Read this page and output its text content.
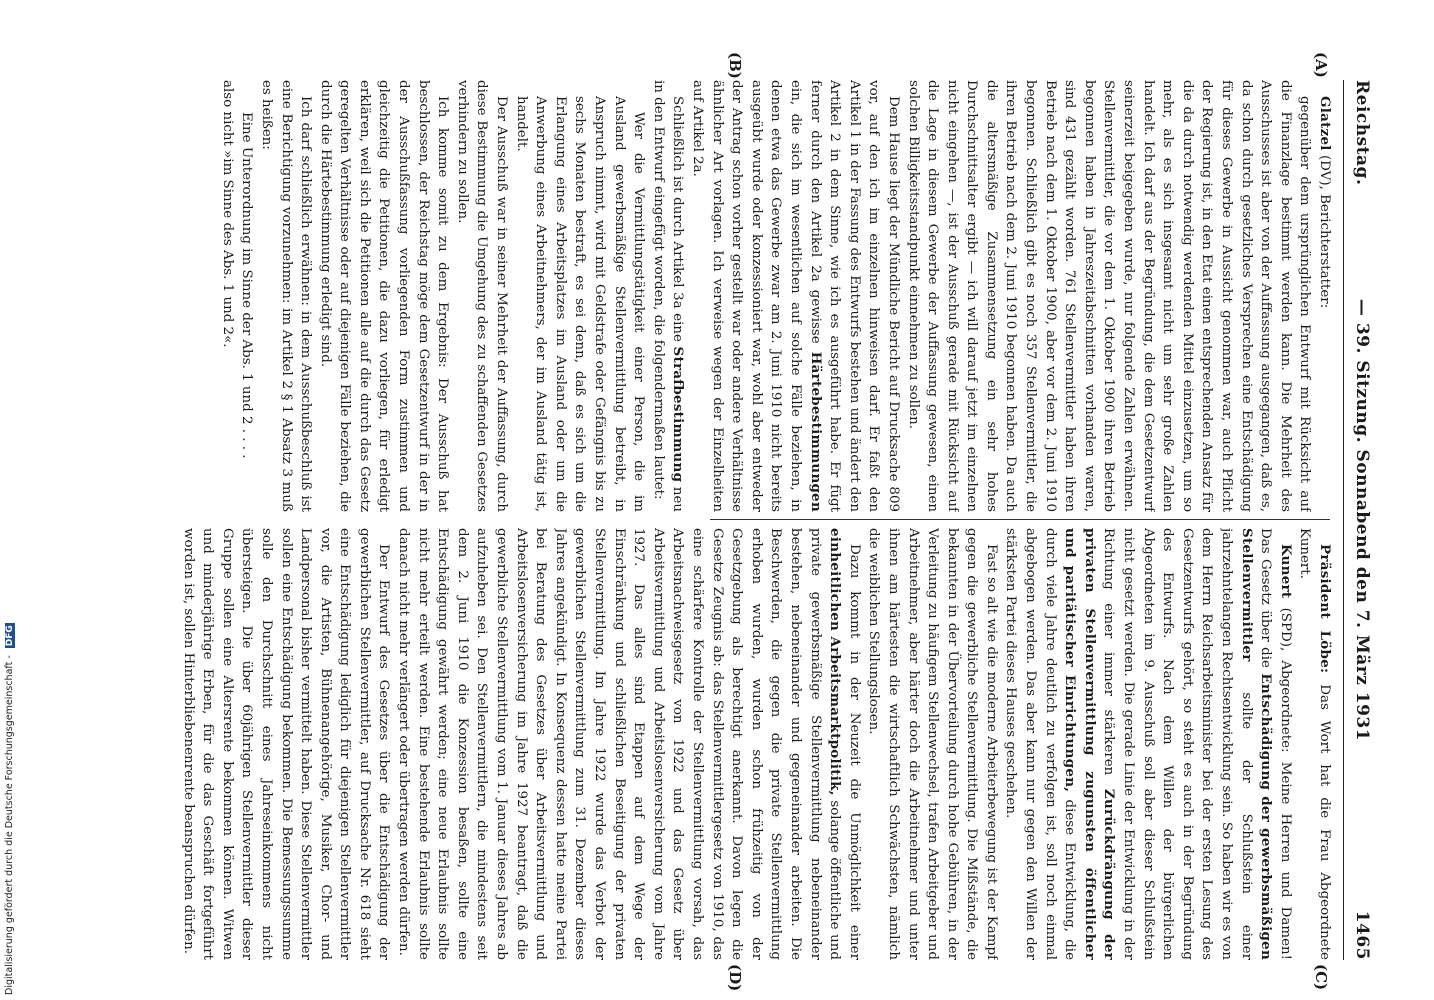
Reichstag.
— 39. Sitzung. Sonnabend den 7. März 1931
1465
(A)
(B)
(C)
(D)

Glatzel (DV), Berichterstatter:

gegenüber dem ursprünglichen Entwurf mit Rücksicht auf die Finanzlage bestimmt werden kann. Die Mehrheit des Ausschusses ist aber von der Auffassung ausgegangen, daß es, da schon durch gesetzliches Versprechen eine Entschädigung für dieses Gewerbe in Aussicht genommen war, auch Pflicht der Regierung ist, in den Etat einen entsprechenden Ansatz für die da durch notwendig werdenden Mittel einzusetzen, um so mehr, als es sich insgesamt nicht um sehr große Zahlen handelt. Ich darf aus der Begründung, die dem Gesetzentwurf seinerzeit beigegeben wurde, nur folgende Zahlen erwähnen. Stellenvermittler, die vor dem 1. Oktober 1900 ihren Betrieb begonnen haben in Jahreszeitabschnitten vorhanden waren, sind 431 gezählt worden. 761 Stellenvermittler haben ihren Betrieb nach dem 1. Oktober 1900, aber vor dem 2. Juni 1910 begonnen. Schließlich gibt es noch 357 Stellenvermittler, die ihren Betrieb nach dem 2. Juni 1910 begonnen haben. Da auch die altersmäßige Zusammensetzung ein sehr hohes Durchschnittsalter ergibt — ich will darauf jetzt im einzelnen nicht eingehen —, ist der Ausschuß gerade mit Rücksicht auf die Lage in diesem Gewerbe der Auffassung gewesen, einen solchen Billigkeitsstandpunkt einnehmen zu sollen.

Dem Hause liegt der Mündliche Bericht auf Drucksache 809 vor, auf den ich im einzelnen hinweisen darf. Er faßt den Artikel 1 in der Fassung des Entwurfs bestehen und ändert den Artikel 2 in dem Sinne, wie ich es ausgeführt habe. Er fügt ferner durch den Artikel 2a gewisse Härtebestimmungen ein, die sich im wesentlichen auf solche Fälle beziehen, in denen etwa das Gewerbe zwar am 2. Juni 1910 nicht bereits ausgeübt wurde oder konzessioniert war, wohl aber entweder der Antrag schon vorher gestellt war oder andere Verhältnisse ähnlicher Art vorlagen. Ich verweise wegen der Einzelheiten auf Artikel 2a.

Schließlich ist durch Artikel 3a eine Strafbestimmung neu in den Entwurf eingefügt worden, die folgendermaßen lautet:

Wer die Vermittlungstätigkeit einer Person, die im Ausland gewerbsmäßige Stellenvermittlung betreibt, in Anspruch nimmt, wird mit Geldstrafe oder Gefängnis bis zu sechs Monaten bestraft, es sei denn, daß es sich um die Erlangung eines Arbeitsplatzes im Ausland oder um die Anwerbung eines Arbeitnehmers, der im Ausland tätig ist, handelt.

Der Ausschuß war in seiner Mehrheit der Auffassung, durch diese Bestimmung die Umgehung des zu schaffenden Gesetzes verhindern zu sollen.

Ich komme somit zu dem Ergebnis: Der Ausschuß hat beschlossen, der Reichstag möge dem Gesetzentwurf in der in der Ausschußfassung vorliegenden Form zustimmen und gleichzeitig die Petitionen, die dazu vorliegen, für erledigt erklären, weil sich die Petitionen alle auf die durch das Gesetz geregelten Verhältnisse oder auf diejenigen Fälle beziehen, die durch die Härtebestimmung erledigt sind.

Ich darf schließlich erwähnen: in dem Ausschußbeschluß ist eine Berichtigung vorzunehmen: im Artikel 2 § 1 Absatz 3 muß es heißen:

Eine Unterordnung im Sinne der Abs. 1 und 2 . . . .

also nicht »im Sinne des Abs. 1 und 2«.

Präsident Löbe: Das Wort hat die Frau Abgeordnete Kunert.

Kunert (SPD), Abgeordnete: Meine Herren und Damen! Das Gesetz über die Entschädigung der gewerbsmäßigen Stellenvermittler sollte der Schlußstein einer jahrzehntelangen Rechtsentwicklung sein. So haben wir es von dem Herrn Reichsarbeitsminister bei der ersten Lesung des Gesetzentwurfs gehört, so steht es auch in der Begründung des Entwurfs. Nach dem Willen der bürgerlichen Abgeordneten im 9. Ausschuß soll aber dieser Schlußstein nicht gesetzt werden. Die gerade Linie der Entwicklung in der Richtung einer immer stärkeren Zurückdrängung der privaten Stellenvermittlung zugunsten öffentlicher und paritätischer Einrichtungen, diese Entwicklung, die durch viele Jahre deutlich zu verfolgen ist, soll noch einmal abgebogen werden. Das aber kann nur gegen den Willen der stärksten Partei dieses Hauses geschehen.

Fast so alt wie die moderne Arbeiterbewegung ist der Kampf gegen die gewerbliche Stellenvermittlung. Die Mißstände, die bekannten in der Übervorteilung durch hohe Gebühren, in der Verleitung zu häufigem Stellenwechsel, trafen Arbeitgeber und Arbeitnehmer, aber härter doch die Arbeitnehmer und unter ihnen am härtesten die wirtschaftlich Schwächsten, nämlich die weiblichen Stellungslosen.

Dazu kommt in der Neuzeit die Unmöglichkeit einer einheitlichen Arbeitsmarktpolitik, solange öffentliche und private gewerbsmäßige Stellenvermittlung nebeneinander bestehen, nebeneinander und gegeneinander arbeiten. Die Beschwerden, die gegen die private Stellenvermittlung erhoben wurden, wurden schon frühzeitig von der Gesetzgebung als berechtigt anerkannt. Davon legen die Gesetze Zeugnis ab: das Stellenvermittlergesetz von 1910, das eine schärfere Kontrolle der Stellenvermittlung vorsah, das Arbeitsnachweisgesetz von 1922 und das Gesetz über Arbeitsvermittlung und Arbeitslosenversicherung vom Jahre 1927. Das alles sind Etappen auf dem Wege der Einschränkung und schließlichen Beseitigung der privaten Stellenvermittlung. Im Jahre 1922 wurde das Verbot der gewerblichen Stellenvermittlung zum 31. Dezember dieses Jahres angekündigt. In Konsequenz dessen hatte meine Partei bei Beratung des Gesetzes über Arbeitsvermittlung und Arbeitslosenversicherung im Jahre 1927 beantragt, daß die gewerbliche Stellenvermittlung vom 1. Januar dieses Jahres ab aufzuheben sei. Den Stellenvermittlern, die mindestens seit dem 2. Juni 1910 die Konzession besaßen, sollte eine Entschädigung gewährt werden; eine neue Erlaubnis sollte nicht mehr erteilt werden. Eine bestehende Erlaubnis sollte danach nicht mehr verlängert oder übertragen werden dürfen.

Der Entwurf des Gesetzes über die Entschädigung der gewerblichen Stellenvermittler, auf Drucksache Nr. 618 sieht eine Entschädigung lediglich für diejenigen Stellenvermittler vor, die Artisten, Bühnenangehörige, Musiker, Chor- und Landpersonal bisher vermittelt haben. Diese Stellenvermittler sollen eine Entschädigung bekommen. Die Bemessungssumme solle den Durchschnitt eines Jahreseinkommens nicht übersteigen. Die über 60jährigen Stellenvermittler dieser Gruppe sollen eine Altersrente bekommen können. Witwen und minderjährige Erben, für die das Geschäft fortgeführt worden ist, sollen Hinterbliebenenrente beanspruchen dürfen.

Digitalisierung gefördert durch die Deutsche Forschungsgemeinschaft - DFG
